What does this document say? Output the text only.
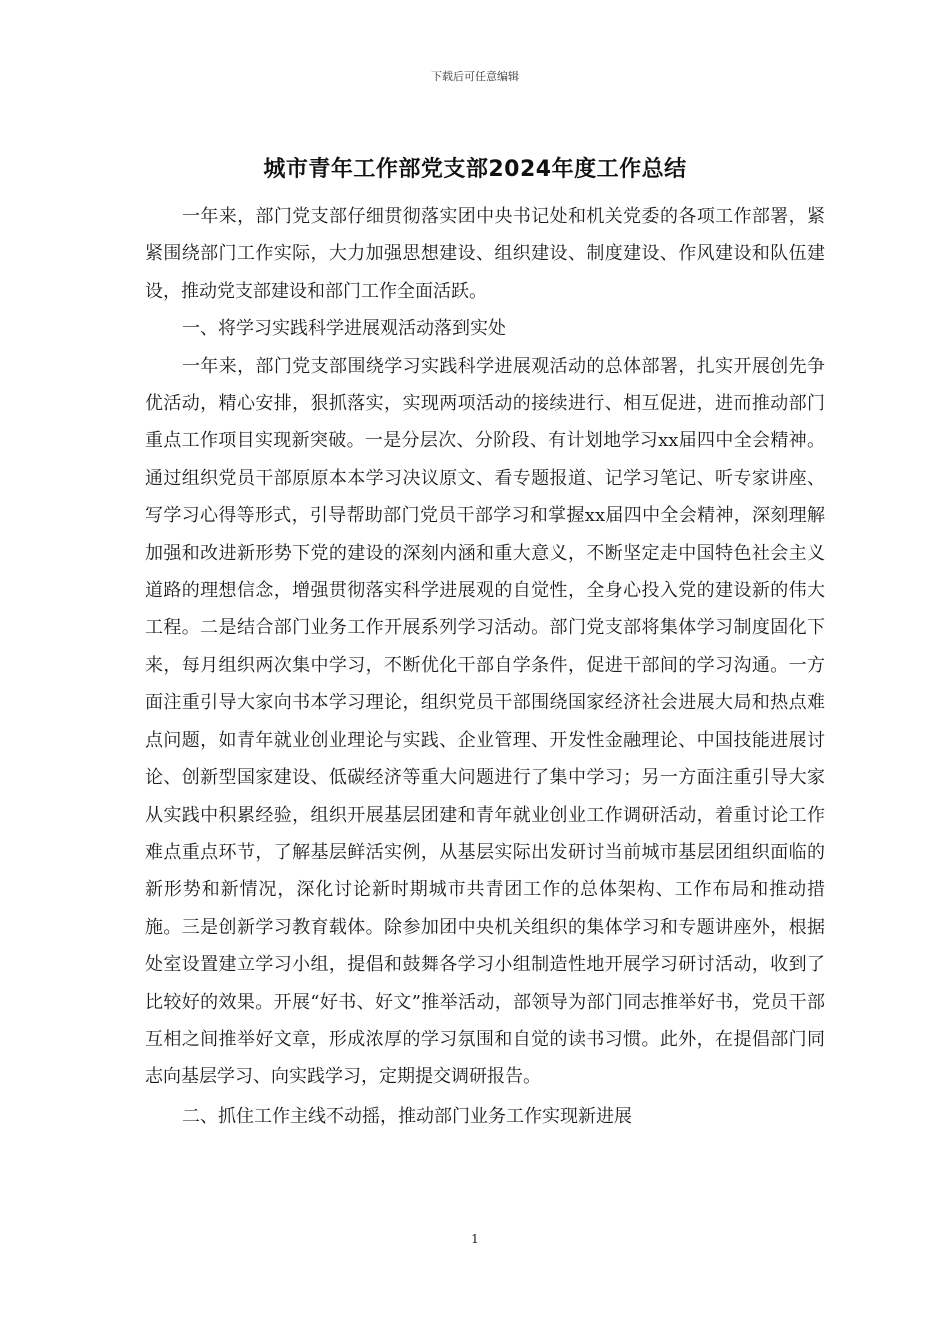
下载后可任意编辑
城市青年工作部党支部2024年度工作总结

一年来，部门党支部仔细贯彻落实团中央书记处和机关党委的各项工作部署，紧紧围绕部门工作实际，大力加强思想建设、组织建设、制度建设、作风建设和队伍建设，推动党支部建设和部门工作全面活跃。

一、将学习实践科学进展观活动落到实处

一年来，部门党支部围绕学习实践科学进展观活动的总体部署，扎实开展创先争优活动，精心安排，狠抓落实，实现两项活动的接续进行、相互促进，进而推动部门重点工作项目实现新突破。一是分层次、分阶段、有计划地学习xx届四中全会精神。通过组织党员干部原原本本学习决议原文、看专题报道、记学习笔记、听专家讲座、写学习心得等形式，引导帮助部门党员干部学习和掌握xx届四中全会精神，深刻理解加强和改进新形势下党的建设的深刻内涵和重大意义，不断坚定走中国特色社会主义道路的理想信念，增强贯彻落实科学进展观的自觉性，全身心投入党的建设新的伟大工程。二是结合部门业务工作开展系列学习活动。部门党支部将集体学习制度固化下来，每月组织两次集中学习，不断优化干部自学条件，促进干部间的学习沟通。一方面注重引导大家向书本学习理论，组织党员干部围绕国家经济社会进展大局和热点难点问题，如青年就业创业理论与实践、企业管理、开发性金融理论、中国技能进展讨论、创新型国家建设、低碳经济等重大问题进行了集中学习；另一方面注重引导大家从实践中积累经验，组织开展基层团建和青年就业创业工作调研活动，着重讨论工作难点重点环节，了解基层鲜活实例，从基层实际出发研讨当前城市基层团组织面临的新形势和新情况，深化讨论新时期城市共青团工作的总体架构、工作布局和推动措施。三是创新学习教育载体。除参加团中央机关组织的集体学习和专题讲座外，根据处室设置建立学习小组，提倡和鼓舞各学习小组制造性地开展学习研讨活动，收到了比较好的效果。开展“好书、好文”推举活动，部领导为部门同志推举好书，党员干部互相之间推举好文章，形成浓厚的学习氛围和自觉的读书习惯。此外，在提倡部门同志向基层学习、向实践学习，定期提交调研报告。

二、抓住工作主线不动摇，推动部门业务工作实现新进展

1
